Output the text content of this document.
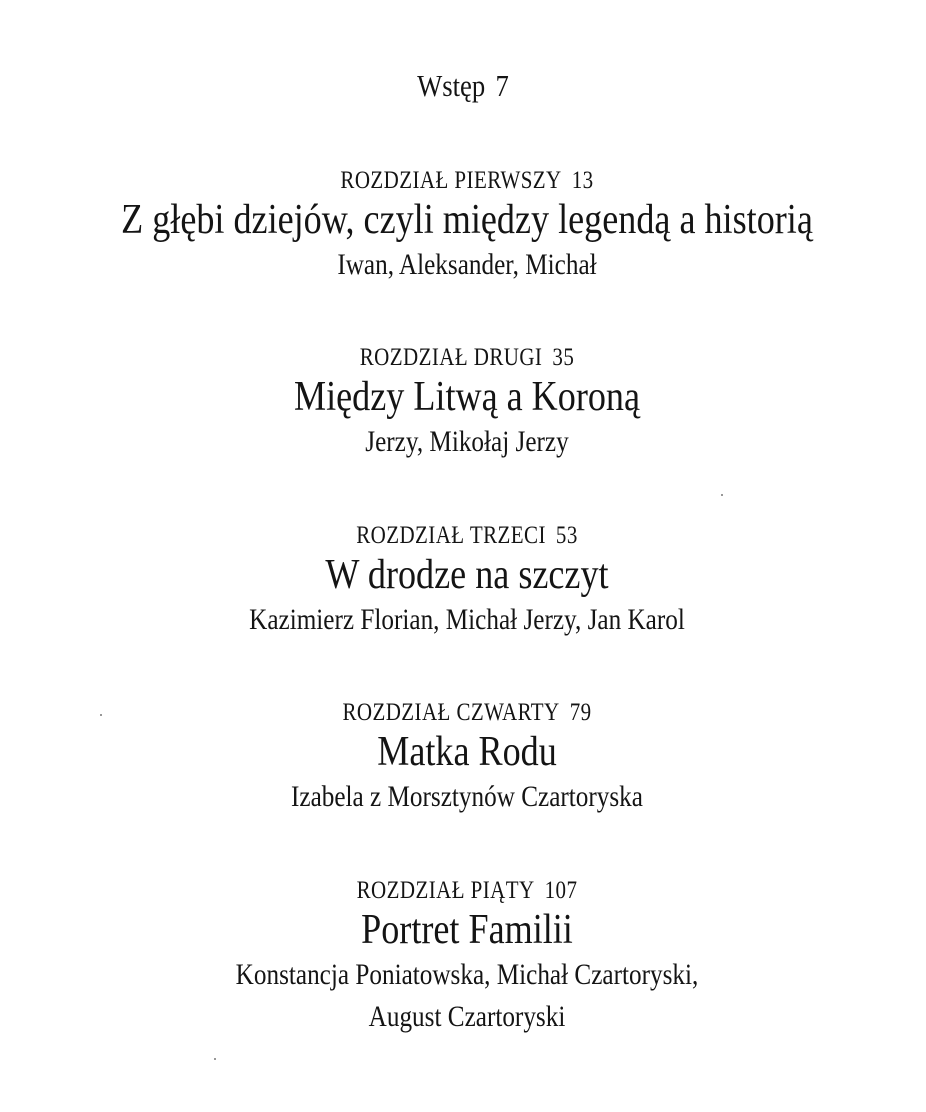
Wstęp 7
ROZDZIAŁ PIERWSZY 13
Z głębi dziejów, czyli między legendą a historią
Iwan, Aleksander, Michał
ROZDZIAŁ DRUGI 35
Między Litwą a Koroną
Jerzy, Mikołaj Jerzy
ROZDZIAŁ TRZECI 53
W drodze na szczyt
Kazimierz Florian, Michał Jerzy, Jan Karol
ROZDZIAŁ CZWARTY 79
Matka Rodu
Izabela z Morsztynów Czartoryska
ROZDZIAŁ PIĄTY 107
Portret Familii
Konstancja Poniatowska, Michał Czartoryski,
August Czartoryski
